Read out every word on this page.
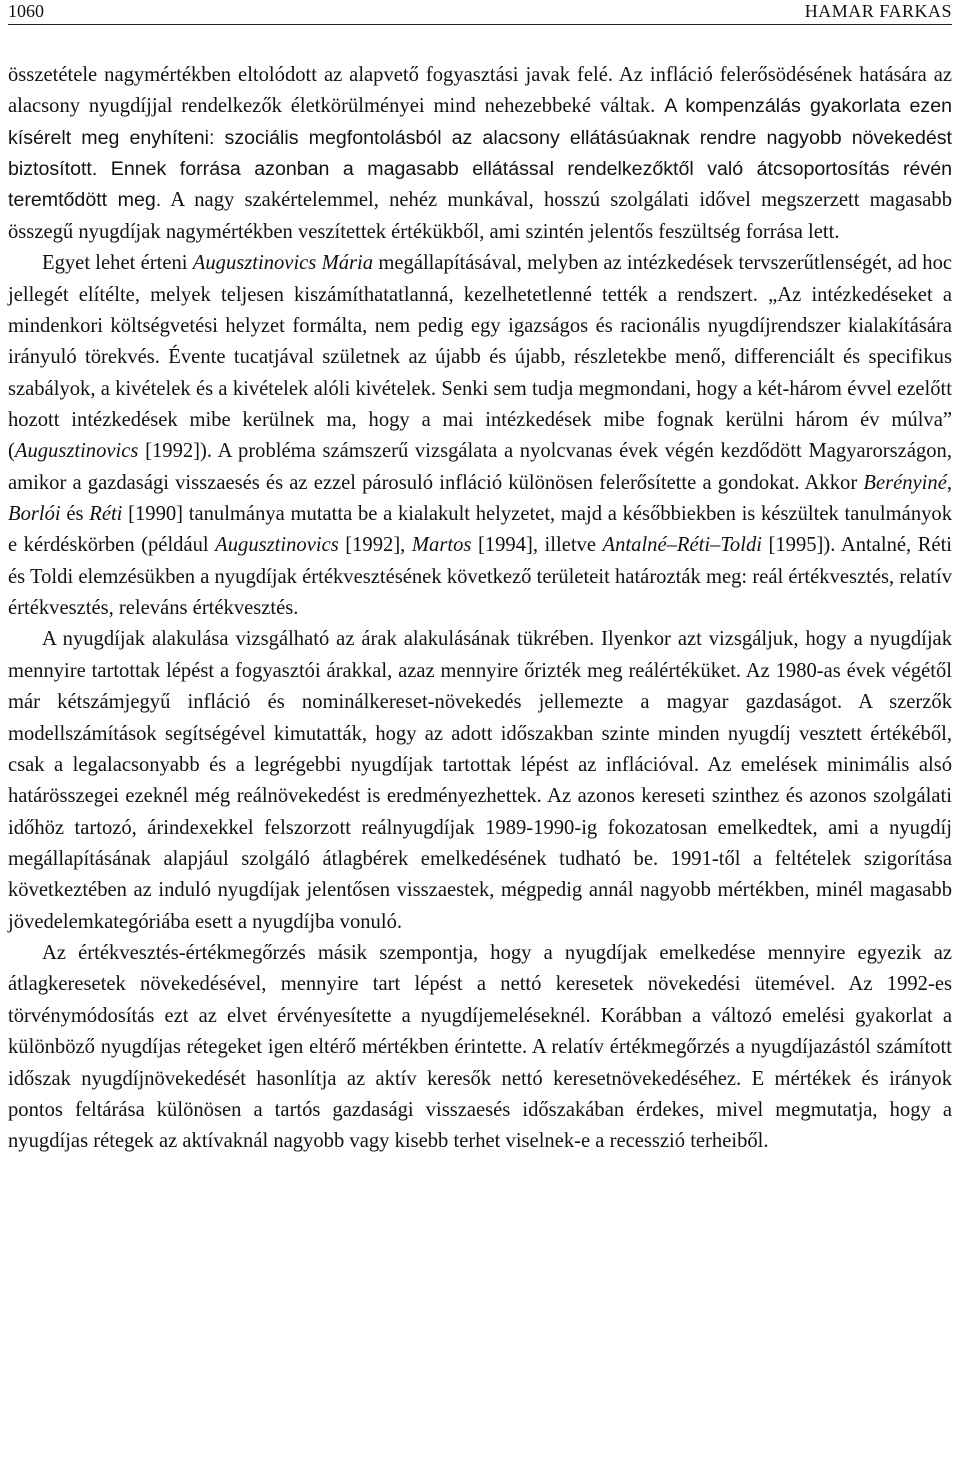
1060	HAMAR FARKAS

összetétele nagymértékben eltolódott az alapvető fogyasztási javak felé. Az infláció felerősödésének hatására az alacsony nyugdíjjal rendelkezők életkörülményei mind nehezebbeké váltak. A kompenzálás gyakorlata ezen kísérelt meg enyhíteni: szociális megfontolásból az alacsony ellátásúaknak rendre nagyobb növekedést biztosított. Ennek forrása azonban a magasabb ellátással rendelkezőktől való átcsoportosítás révén teremtődött meg. A nagy szakértelemmel, nehéz munkával, hosszú szolgálati idővel megszerzett magasabb összegű nyugdíjak nagymértékben veszítettek értékükből, ami szintén jelentős feszültség forrása lett.

Egyet lehet érteni Augusztinovics Mária megállapításával, melyben az intézkedések tervszerűtlenségét, ad hoc jellegét elítélte, melyek teljesen kiszámíthatatlanná, kezelhetetlenné tették a rendszert. „Az intézkedéseket a mindenkori költségvetési helyzet formálta, nem pedig egy igazságos és racionális nyugdíjrendszer kialakítására irányuló törekvés. Évente tucatjával születnek az újabb és újabb, részletekbe menő, differenciált és specifikus szabályok, a kivételek és a kivételek alóli kivételek. Senki sem tudja megmondani, hogy a két-három évvel ezelőtt hozott intézkedések mibe kerülnek ma, hogy a mai intézkedések mibe fognak kerülni három év múlva” (Augusztinovics [1992]). A probléma számszerű vizsgálata a nyolcvanas évek végén kezdődött Magyarországon, amikor a gazdasági visszaesés és az ezzel párosuló infláció különösen felerősítette a gondokat. Akkor Berényiné, Borlói és Réti [1990] tanulmánya mutatta be a kialakult helyzetet, majd a későbbiekben is készültek tanulmányok e kérdéskörben (például Augusztinovics [1992], Martos [1994], illetve Antalné–Réti–Toldi [1995]). Antalné, Réti és Toldi elemzésükben a nyugdíjak értékvesztésének következő területeit határozták meg: reál értékvesztés, relatív értékvesztés, releváns értékvesztés.

A nyugdíjak alakulása vizsgálható az árak alakulásának tükrében. Ilyenkor azt vizsgáljuk, hogy a nyugdíjak mennyire tartottak lépést a fogyasztói árakkal, azaz mennyire őrizték meg reálértéküket. Az 1980-as évek végétől már kétszámjegyű infláció és nominálkereset-növekedés jellemezte a magyar gazdaságot. A szerzők modellszámítások segítségével kimutatták, hogy az adott időszakban szinte minden nyugdíj vesztett értékéből, csak a legalacsonyabb és a legrégebbi nyugdíjak tartottak lépést az inflációval. Az emelések minimális alsó határösszegei ezeknél még reálnövekedést is eredményezhettek. Az azonos kereseti szinthez és azonos szolgálati időhöz tartozó, árindexekkel felszorzott reálnyugdíjak 1989-1990-ig fokozatosan emelkedtek, ami a nyugdíj megállapításának alapjául szolgáló átlagbérek emelkedésének tudható be. 1991-től a feltételek szigorítása következtében az induló nyugdíjak jelentősen visszaestek, mégpedig annál nagyobb mértékben, minél magasabb jövedelemkategóriába esett a nyugdíjba vonuló.

Az értékvesztés-értékmegőrzés másik szempontja, hogy a nyugdíjak emelkedése mennyire egyezik az átlagkeresetek növekedésével, mennyire tart lépést a nettó keresetek növekedési ütemével. Az 1992-es törvénymódosítás ezt az elvet érvényesítette a nyugdíjemeléseknél. Korábban a változó emelési gyakorlat a különböző nyugdíjas rétegeket igen eltérő mértékben érintette. A relatív értékmegőrzés a nyugdíjazástól számított időszak nyugdíjnövekedését hasonlítja az aktív keresők nettó keresetnövekedéséhez. E mértékek és irányok pontos feltárása különösen a tartós gazdasági visszaesés időszakában érdekes, mivel megmutatja, hogy a nyugdíjas rétegek az aktívaknál nagyobb vagy kisebb terhet viselnek-e a recesszió terheiből.
